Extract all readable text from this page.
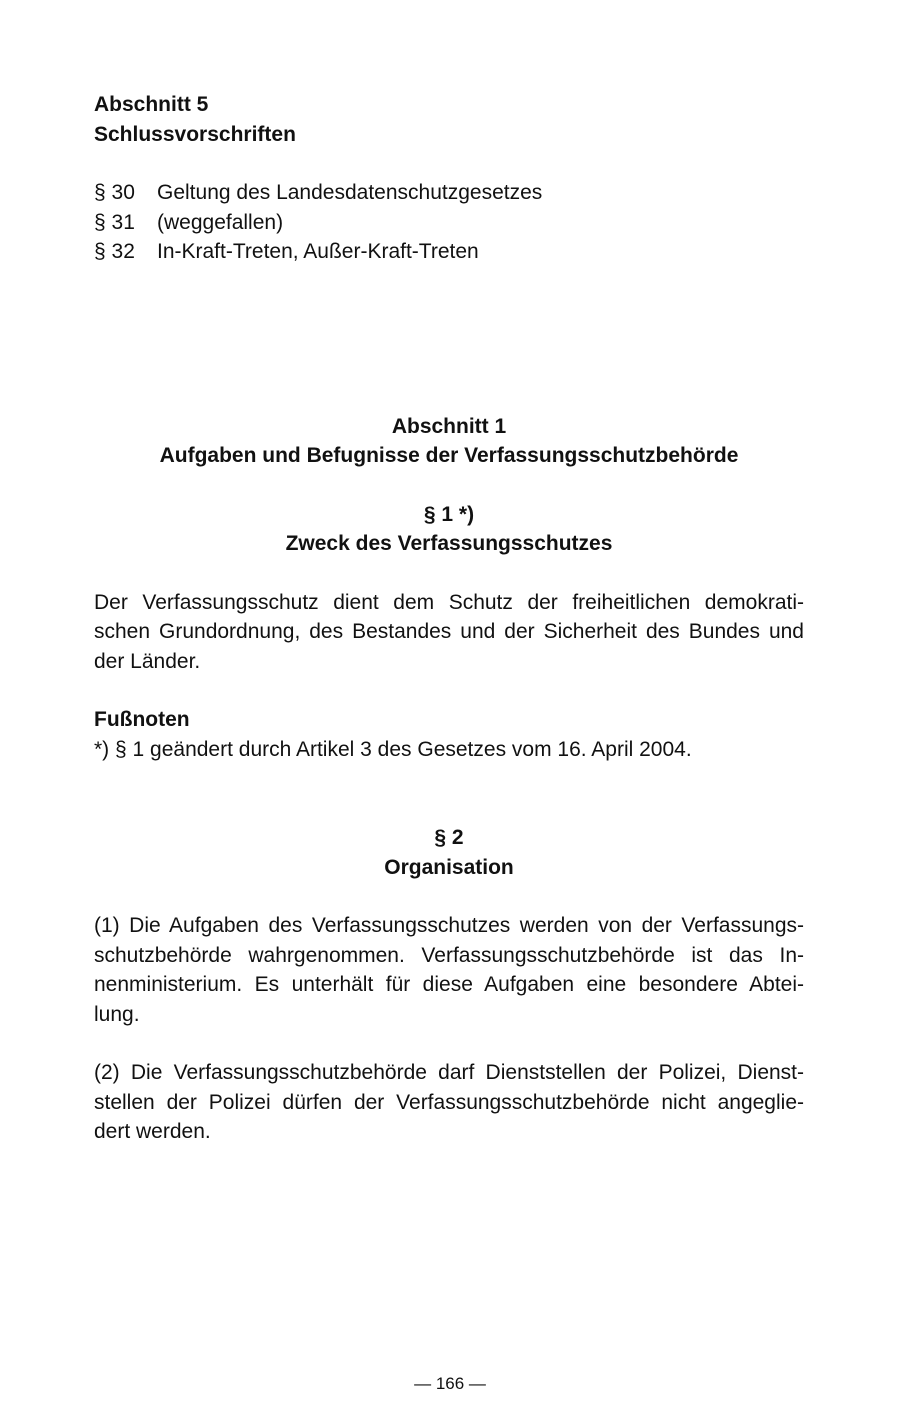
Abschnitt 5

Schlussvorschriften

§ 30	Geltung des Landesdatenschutzgesetzes
§ 31	(weggefallen)
§ 32	In-Kraft-Treten, Außer-Kraft-Treten

Abschnitt 1

Aufgaben und Befugnisse der Verfassungsschutzbehörde

§ 1 *)

Zweck des Verfassungsschutzes

Der Verfassungsschutz dient dem Schutz der freiheitlichen demokrati-
schen Grundordnung, des Bestandes und der Sicherheit des Bundes und
der Länder.

Fußnoten

*) § 1 geändert durch Artikel 3 des Gesetzes vom 16. April 2004.

§ 2

Organisation

(1) Die Aufgaben des Verfassungsschutzes werden von der Verfassungs-
schutzbehörde wahrgenommen. Verfassungsschutzbehörde ist das In-
nenministerium. Es unterhält für diese Aufgaben eine besondere Abtei-
lung.
(2) Die Verfassungsschutzbehörde darf Dienststellen der Polizei, Dienst-
stellen der Polizei dürfen der Verfassungsschutzbehörde nicht angeglie-
dert werden.
— 166 —
